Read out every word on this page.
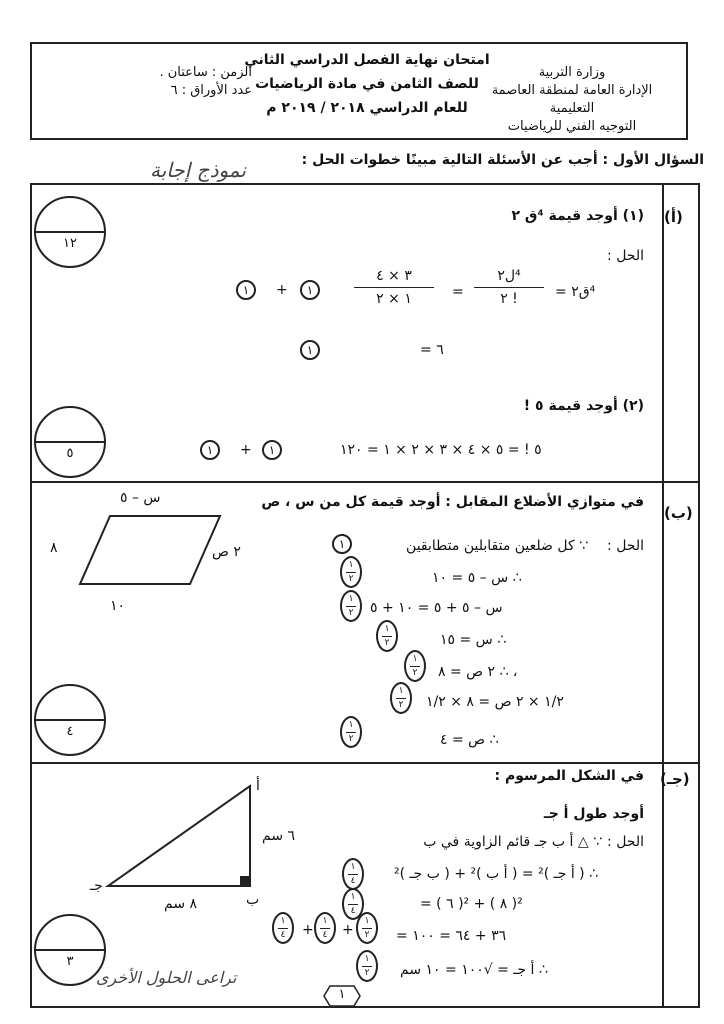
وزارة التربية
الإدارة العامة لمنطقة العاصمة التعليمية
التوجيه الفني للرياضيات
امتحان نهاية الفصل الدراسي الثاني
للصف الثامن في مادة الرياضيات
للعام الدراسي ٢٠١٨ / ٢٠١٩ م
الزمن : ساعتان .
عدد الأوراق : ٦
السؤال الأول : أجب عن الأسئلة التالية مبينًا خطوات الحل :
نموذج إجابة
(أ)
١٢
(١) أوجد قيمة ⁴ق ٢
الحل :
⁴ق٢ =
⁴ل٢
٢ !
=
٣ × ٤
١ × ٢
١
+
١
= ٦
١
(٢) أوجد قيمة ٥ !
٥	٥ ! = ٥ × ٤ × ٣ × ٢ × ١ = ١٢٠
١
+
١
(ب)
في متوازي الأضلاع المقابل : أوجد قيمة كل من س ، ص
س – ٥
٨	٢ ص
١٠
٤
الحل :
∵ كل ضلعين متقابلين متطابقين
١
∴ س – ٥ = ١٠
١
٢
س – ٥ + ٥ = ١٠ + ٥
١
٢
∴ س = ١٥
١
٢
، ∴ ٢ ص = ٨
١
٢
١/٢ × ٢ ص = ٨ × ١/٢
١
٢
∴ ص = ٤
١
٢
(جـ)
في الشكل المرسوم :
أوجد طول أ جـ
أ
ب
جـ
٦ سم
٨ سم
٣
الحل :
∵ △ أ ب جـ قائم الزاوية في ب
∴ ( أ جـ )² = ( أ ب )² + ( ب جـ )²
١
٤
= ( ٦ )² + ( ٨ )²
١
٤
= ٣٦ + ٦٤ = ١٠٠
١
٢
+
١
٤
+
١
٤
∴ أ جـ = √١٠٠ = ١٠ سم
١
٢
تراعى الحلول الأخرى
١
